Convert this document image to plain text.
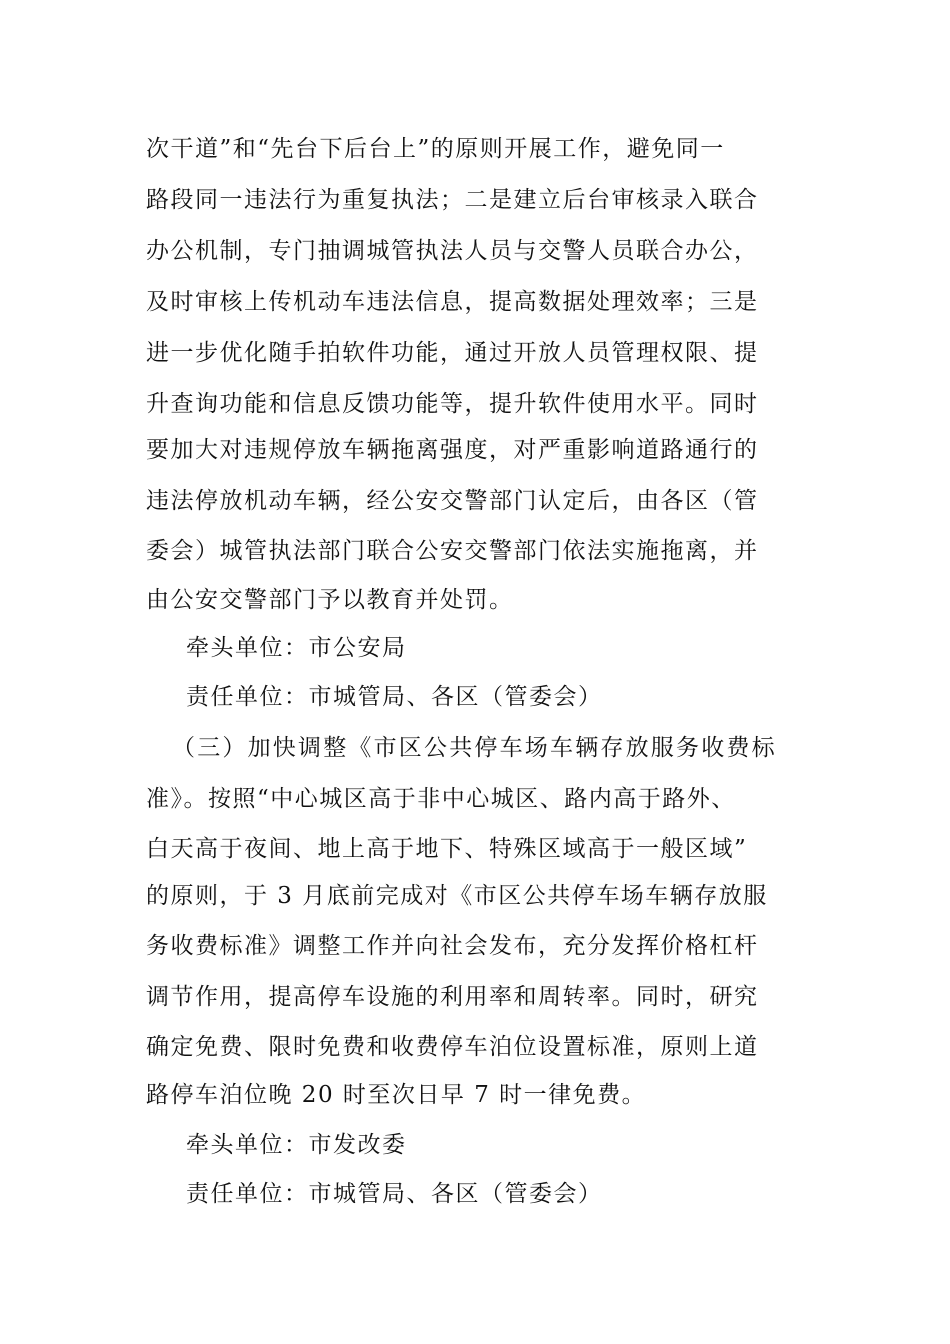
次干道”和“先台下后台上”的原则开展工作，避免同一
路段同一违法行为重复执法；二是建立后台审核录入联合
办公机制，专门抽调城管执法人员与交警人员联合办公，
及时审核上传机动车违法信息，提高数据处理效率；三是
进一步优化随手拍软件功能，通过开放人员管理权限、提
升查询功能和信息反馈功能等，提升软件使用水平。同时
要加大对违规停放车辆拖离强度，对严重影响道路通行的
违法停放机动车辆，经公安交警部门认定后，由各区（管
委会）城管执法部门联合公安交警部门依法实施拖离，并
由公安交警部门予以教育并处罚。
牵头单位：市公安局
责任单位：市城管局、各区（管委会）
（三）加快调整《市区公共停车场车辆存放服务收费标
准》。按照“中心城区高于非中心城区、路内高于路外、
白天高于夜间、地上高于地下、特殊区域高于一般区域”
的原则，于 3 月底前完成对《市区公共停车场车辆存放服
务收费标准》调整工作并向社会发布，充分发挥价格杠杆
调节作用，提高停车设施的利用率和周转率。同时，研究
确定免费、限时免费和收费停车泊位设置标准，原则上道
路停车泊位晚 20 时至次日早 7 时一律免费。
牵头单位：市发改委
责任单位：市城管局、各区（管委会）
